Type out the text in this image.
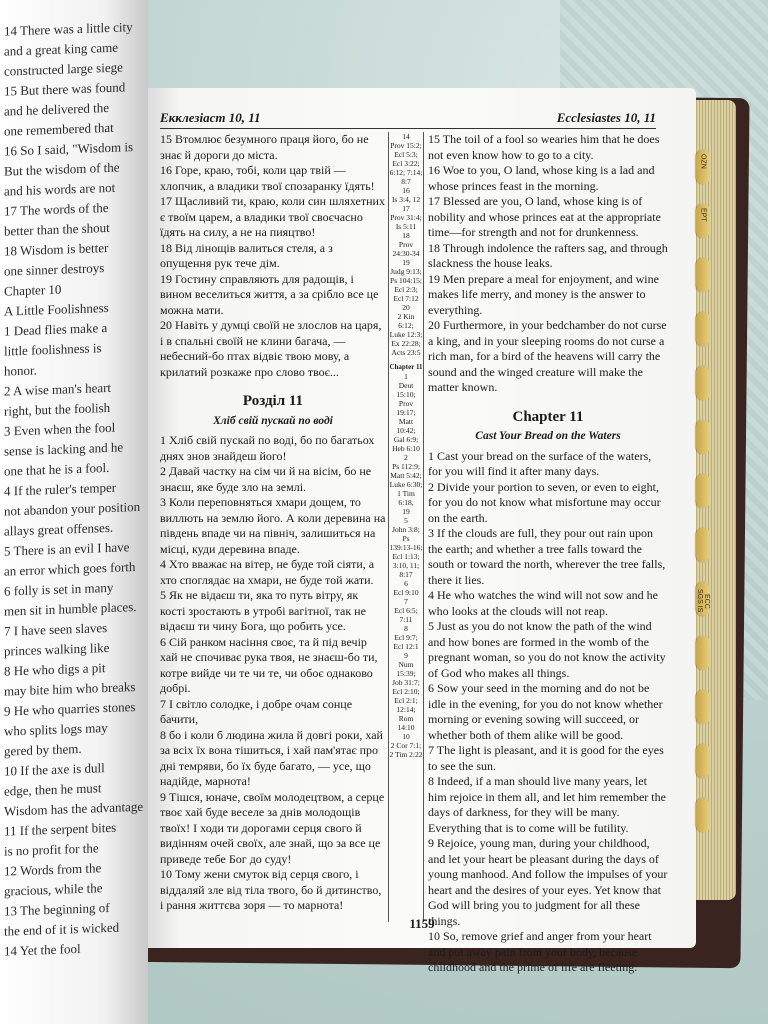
14 There was a little city

and a great king came

constructed large siege

15 But there was found

and he delivered the

one remembered that

16 So I said, "Wisdom is

But the wisdom of the

and his words are not

17 The words of the

better than the shout

18 Wisdom is better

one sinner destroys

Chapter 10

A Little Foolishness

1 Dead flies make a

little foolishness is

honor.

2 A wise man's heart

right, but the foolish

3 Even when the fool

sense is lacking and he

one that he is a fool.

4 If the ruler's temper

not abandon your position

allays great offenses.

5 There is an evil I have

an error which goes forth

6 folly is set in many

men sit in humble places.

7 I have seen slaves

princes walking like

8 He who digs a pit

may bite him who breaks

9 He who quarries stones

who splits logs may

gered by them.

10 If the axe is dull

edge, then he must

Wisdom has the advantage

11 If the serpent bites

is no profit for the

12 Words from the

gracious, while the

13 The beginning of

the end of it is wicked

14 Yet the fool

Екклезіаст 10, 11	Ecclesiastes 10, 11

15 Втомлює безумного праця його, бо не знає й дороги до міста.

16 Горе, краю, тобі, коли цар твій — хлопчик, а владики твої спозаранку їдять!

17 Щасливий ти, краю, коли син шляхетних є твоїм царем, а владики твої своєчасно їдять на силу, а не на пияцтво!

18 Від лінощів валиться стеля, а з опущення рук тече дім.

19 Гостину справляють для радощів, і вином веселиться життя, а за срібло все це можна мати.

20 Навіть у думці своїй не злослов на царя, і в спальні своїй не клини багача, — небесний-бо птах відвіє твою мову, а крилатий розкаже про слово твоє...

Розділ 11

Хліб свій пускай по воді

1 Хліб свій пускай по воді, бо по багатьох днях знов знайдеш його!

2 Давай частку на сім чи й на вісім, бо не знаєш, яке буде зло на землі.

3 Коли переповняться хмари дощем, то виллють на землю його. А коли деревина на південь впаде чи на північ, залишиться на місці, куди деревина впаде.

4 Хто вважає на вітер, не буде той сіяти, а хто споглядає на хмари, не буде той жати.

5 Як не відаєш ти, яка то путь вітру, як кості зростають в утробі вагітної, так не відаєш ти чину Бога, що робить усе.

6 Сій ранком насіння своє, та й під вечір хай не спочиває рука твоя, не знаєш-бо ти, котре вийде чи те чи те, чи обоє однаково добрі.

7 І світло солодке, і добре очам сонце бачити,

8 бо і коли б людина жила й довгі роки, хай за всіх їх вона тішиться, і хай пам'ятає про дні темряви, бо їх буде багато, — усе, що надійде, марнота!

9 Тішся, юначе, своїм молодецтвом, а серце твоє хай буде веселе за днів молодощів твоїх! І ходи ти дорогами серця свого й видінням очей своїх, але знай, що за все це приведе тебе Бог до суду!

10 Тому жени смуток від серця свого, і віддаляй зле від тіла твого, бо й дитинство, і рання життєва зоря — то марнота!

14
Prov 15:2;
Ecl 5:3;
Ecl 3:22;
6:12; 7:14;
8:7
16
Is 3:4, 12
17
Prov 31:4; Is 5:11
18
Prov 24:30-34
19
Judg 9:13;
Ps 104:15;
Ecl 2:3;
Ecl 7:12
20
2 Kin 6:12;
Luke 12:3;
Ex 22:28;
Acts 23:5
Chapter 11
1
Deut 15:10;
Prov 19:17;
Matt 10:42;
Gal 6:9; Heb 6:10
2
Ps 112:9;
Matt 5:42;
Luke 6:30;
1 Tim 6:18,
19
5
John 3:8; Ps
139:13-16;
Ecl 1:13;
3:10, 11;
8:17
6
Ecl 9:10
7
Ecl 6:5;
7:11
8
Ecl 9:7;
Ecl 12:1
9
Num 15:39;
Job 31:7;
Ecl 2:10;
Ecl 2:1;
12:14; Rom
14:10
10
2 Cor 7:1;
2 Tim 2:22

15 The toil of a fool so wearies him that he does not even know how to go to a city.

16 Woe to you, O land, whose king is a lad and whose princes feast in the morning.

17 Blessed are you, O land, whose king is of nobility and whose princes eat at the appropriate time—for strength and not for drunkenness.

18 Through indolence the rafters sag, and through slackness the house leaks.

19 Men prepare a meal for enjoyment, and wine makes life merry, and money is the answer to everything.

20 Furthermore, in your bedchamber do not curse a king, and in your sleeping rooms do not curse a rich man, for a bird of the heavens will carry the sound and the winged creature will make the matter known.

Chapter 11

Cast Your Bread on the Waters

1 Cast your bread on the surface of the waters, for you will find it after many days.

2 Divide your portion to seven, or even to eight, for you do not know what misfortune may occur on the earth.

3 If the clouds are full, they pour out rain upon the earth; and whether a tree falls toward the south or toward the north, wherever the tree falls, there it lies.

4 He who watches the wind will not sow and he who looks at the clouds will not reap.

5 Just as you do not know the path of the wind and how bones are formed in the womb of the pregnant woman, so you do not know the activity of God who makes all things.

6 Sow your seed in the morning and do not be idle in the evening, for you do not know whether morning or evening sowing will succeed, or whether both of them alike will be good.

7 The light is pleasant, and it is good for the eyes to see the sun.

8 Indeed, if a man should live many years, let him rejoice in them all, and let him remember the days of darkness, for they will be many. Everything that is to come will be futility.

9 Rejoice, young man, during your childhood, and let your heart be pleasant during the days of young manhood. And follow the impulses of your heart and the desires of your eyes. Yet know that God will bring you to judgment for all these things.

10 So, remove grief and anger from your heart and put away pain from your body, because childhood and the prime of life are fleeting.

1159
OZN
EPT
ECC SGS IS
